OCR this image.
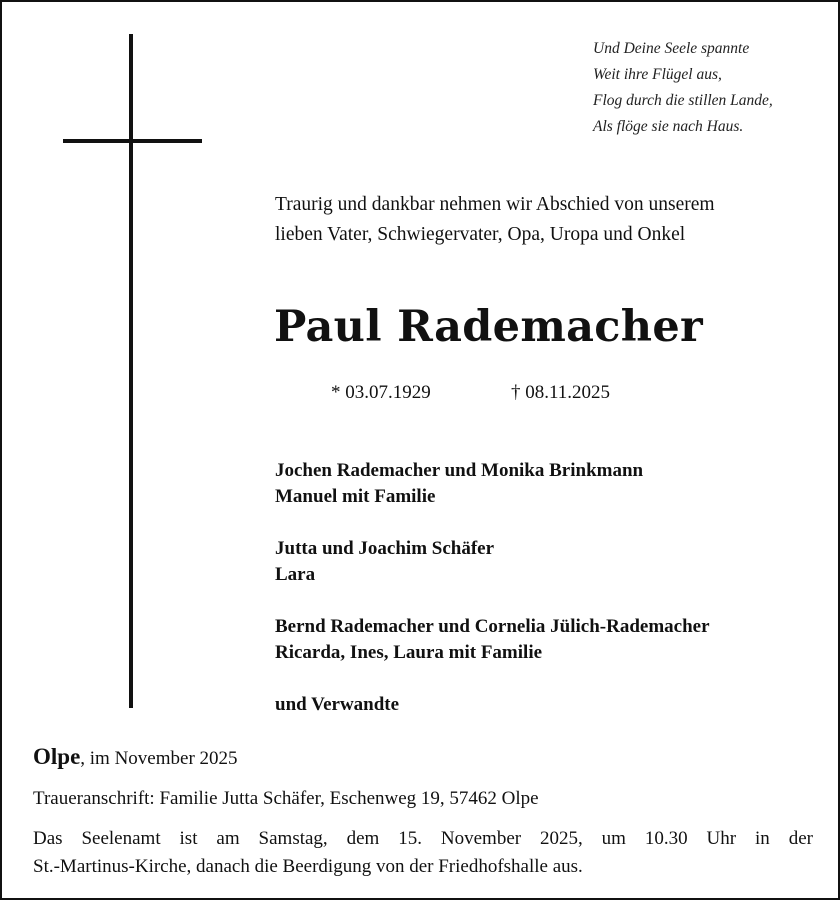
Und Deine Seele spannte
Weit ihre Flügel aus,
Flog durch die stillen Lande,
Als flöge sie nach Haus.
Traurig und dankbar nehmen wir Abschied von unserem
lieben Vater, Schwiegervater, Opa, Uropa und Onkel
Paul Rademacher
* 03.07.1929	† 08.11.2025
Jochen Rademacher und Monika Brinkmann
Manuel mit Familie
Jutta und Joachim Schäfer
Lara
Bernd Rademacher und Cornelia Jülich-Rademacher
Ricarda, Ines, Laura mit Familie
und Verwandte
Olpe, im November 2025
Traueranschrift: Familie Jutta Schäfer, Eschenweg 19, 57462 Olpe
Das Seelenamt ist am Samstag, dem 15. November 2025, um 10.30 Uhr in der
St.-Martinus-Kirche, danach die Beerdigung von der Friedhofshalle aus.
